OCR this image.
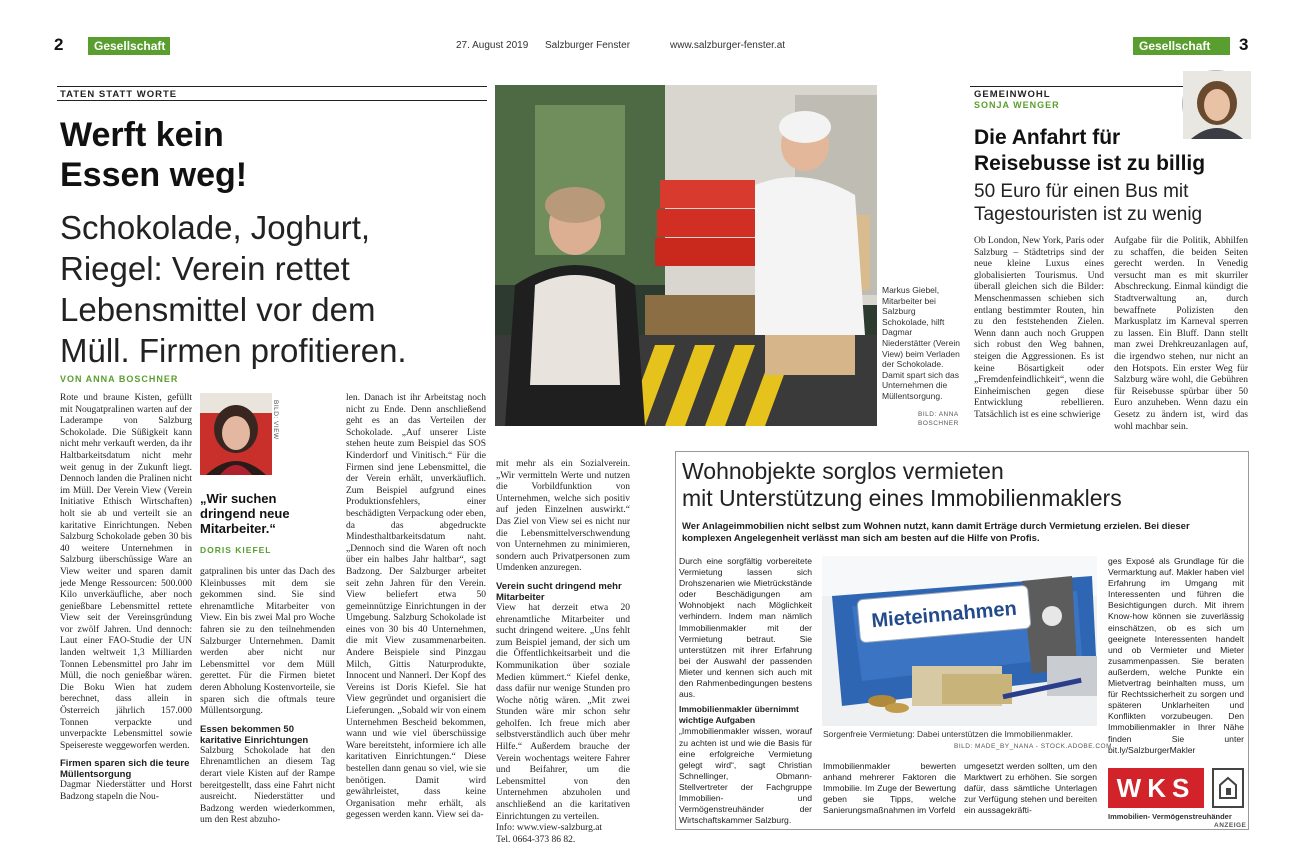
2	Gesellschaft	27. August 2019 Salzburger Fenster	www.salzburger-fenster.at	Gesellschaft	3
TATEN STATT WORTE
Werft kein
Essen weg!
Schokolade, Joghurt,
Riegel: Verein rettet
Lebensmittel vor dem
Müll. Firmen profitieren.
VON ANNA BOSCHNER

Rote und braune Kisten, gefüllt mit Nougatpralinen warten auf der Laderampe von Salzburg Schokolade. Die Süßigkeit kann nicht mehr verkauft werden, da ihr Haltbarkeitsdatum nicht mehr weit genug in der Zukunft liegt. Dennoch landen die Pralinen nicht im Müll. Der Verein View (Verein Initiative Ethisch Wirtschaften) holt sie ab und verteilt sie an karitative Einrichtungen. Neben Salzburg Schokolade geben 30 bis 40 weitere Unternehmen in Salzburg überschüssige Ware an View weiter und sparen damit jede Menge Ressourcen: 500.000 Kilo unverkäufliche, aber noch genießbare Lebensmittel rettete View seit der Vereinsgründung vor zwölf Jahren. Und dennoch: Laut einer FAO-Studie der UN landen weltweit 1,3 Milliarden Tonnen Lebensmittel pro Jahr im Müll, die noch genießbar wären. Die Boku Wien hat zudem berechnet, dass allein in Österreich jährlich 157.000 Tonnen verpackte und unverpackte Lebensmittel sowie Speisereste weggeworfen werden.

Firmen sparen sich die teure Müllentsorgung

Dagmar Niederstätter und Horst Badzong stapeln die Nou-

BILD: VIEW
„Wir suchen
dringend neue
Mitarbeiter.“
DORIS KIEFEL

gatpralinen bis unter das Dach des Kleinbusses mit dem sie gekommen sind. Sie sind ehrenamtliche Mitarbeiter von View. Ein bis zwei Mal pro Woche fahren sie zu den teilnehmenden Salzburger Unternehmen. Damit werden aber nicht nur Lebensmittel vor dem Müll gerettet. Für die Firmen bietet deren Abholung Kostenvorteile, sie sparen sich die oftmals teure Müllentsorgung.

Essen bekommen 50 karitative Einrichtungen

Salzburg Schokolade hat den Ehrenamtlichen an diesem Tag derart viele Kisten auf der Rampe bereitgestellt, dass eine Fahrt nicht ausreicht. Niederstätter und Badzong werden wiederkommen, um den Rest abzuho-

len. Danach ist ihr Arbeitstag noch nicht zu Ende. Denn anschließend geht es an das Verteilen der Schokolade. „Auf unserer Liste stehen heute zum Beispiel das SOS Kinderdorf und Vinitisch.“ Für die Firmen sind jene Lebensmittel, die der Verein erhält, unverkäuflich. Zum Beispiel aufgrund eines Produktionsfehlers, einer beschädigten Verpackung oder eben, da das abgedruckte Mindesthaltbarkeitsdatum naht. „Dennoch sind die Waren oft noch über ein halbes Jahr haltbar“, sagt Badzong. Der Salzburger arbeitet seit zehn Jahren für den Verein. View beliefert etwa 50 gemeinnützige Einrichtungen in der Umgebung. Salzburg Schokolade ist eines von 30 bis 40 Unternehmen, die mit View zusammenarbeiten. Andere Beispiele sind Pinzgau Milch, Gittis Naturprodukte, Innocent und Nannerl. Der Kopf des Vereins ist Doris Kiefel. Sie hat View gegründet und organisiert die Lieferungen. „Sobald wir von einem Unternehmen Bescheid bekommen, wann und wie viel überschüssige Ware bereitsteht, informiere ich alle karitativen Einrichtungen.“ Diese bestellen dann genau so viel, wie sie benötigen. Damit wird gewährleistet, dass keine Organisation mehr erhält, als gegessen werden kann. View sei da-

mit mehr als ein Sozialverein. „Wir vermitteln Werte und nutzen die Vorbildfunktion von Unternehmen, welche sich positiv auf jeden Einzelnen auswirkt.“ Das Ziel von View sei es nicht nur die Lebensmittelverschwendung von Unternehmen zu minimieren, sondern auch Privatpersonen zum Umdenken anzuregen.

Verein sucht dringend mehr Mitarbeiter

View hat derzeit etwa 20 ehrenamtliche Mitarbeiter und sucht dringend weitere. „Uns fehlt zum Beispiel jemand, der sich um die Öffentlichkeitsarbeit und die Kommunikation über soziale Medien kümmert.“ Kiefel denke, dass dafür nur wenige Stunden pro Woche nötig wären. „Mit zwei Stunden wäre mir schon sehr geholfen. Ich freue mich aber selbstverständlich auch über mehr Hilfe.“ Außerdem brauche der Verein wochentags weitere Fahrer und Beifahrer, um die Lebensmittel von den Unternehmen abzuholen und anschließend an die karitativen Einrichtungen zu verteilen.

Info: www.view-salzburg.at

Tel. 0664-373 86 82.

Markus Giebel, Mitarbeiter bei Salzburg Schokolade, hilft Dagmar Niederstätter (Verein View) beim Verladen der Schokolade. Damit spart sich das Unternehmen die Müllentsorgung.
BILD: ANNA
BOSCHNER
GEMEINWOHL
SONJA WENGER
Die Anfahrt für
Reisebusse ist zu billig
50 Euro für einen Bus mit
Tagestouristen ist zu wenig

Ob London, New York, Paris oder Salzburg – Städtetrips sind der neue kleine Luxus eines globalisierten Tourismus. Und überall gleichen sich die Bilder: Menschenmassen schieben sich entlang bestimmter Routen, hin zu den feststehenden Zielen. Wenn dann auch noch Gruppen sich robust den Weg bahnen, steigen die Aggressionen. Es ist keine Bösartigkeit oder „Fremdenfeindlichkeit“, wenn die Einheimischen gegen diese Entwicklung rebellieren. Tatsächlich ist es eine schwierige

Aufgabe für die Politik, Abhilfen zu schaffen, die beiden Seiten gerecht werden. In Venedig versucht man es mit skurriler Abschreckung. Einmal kündigt die Stadtverwaltung an, durch bewaffnete Polizisten den Markusplatz im Karneval sperren zu lassen. Ein Bluff. Dann stellt man zwei Drehkreuzanlagen auf, die irgendwo stehen, nur nicht an den Hotspots. Ein erster Weg für Salzburg wäre wohl, die Gebühren für Reisebusse spürbar über 50 Euro anzuheben. Wenn dazu ein Gesetz zu ändern ist, wird das wohl machbar sein.

Wohnobjekte sorglos vermieten
mit Unterstützung eines Immobilienmaklers
Wer Anlageimmobilien nicht selbst zum Wohnen nutzt, kann damit Erträge durch Vermietung erzielen. Bei dieser komplexen Angelegenheit verlässt man sich am besten auf die Hilfe von Profis.

Durch eine sorgfältig vorbereitete Vermietung lassen sich Drohszenarien wie Mietrückstände oder Beschädigungen am Wohnobjekt nach Möglichkeit verhindern. Indem man nämlich Immobilienmakler mit der Vermietung betraut. Sie unterstützen mit ihrer Erfahrung bei der Auswahl der passenden Mieter und kennen sich auch mit den Rahmenbedingungen bestens aus.

Immobilienmakler übernimmt wichtige Aufgaben

„Immobilienmakler wissen, worauf zu achten ist und wie die Basis für eine erfolgreiche Vermietung gelegt wird“, sagt Christian Schnellinger, Obmann-Stellvertreter der Fachgruppe Immobilien- und Vermögenstreuhänder der Wirtschaftskammer Salzburg.

Mieteinnahmen
Sorgenfreie Vermietung: Dabei unterstützen die Immobilienmakler.
BILD: MADE_BY_NANA - STOCK.ADOBE.COM

Immobilienmakler bewerten anhand mehrerer Faktoren die Immobilie. Im Zuge der Bewertung geben sie Tipps, welche Sanierungsmaßnahmen im Vorfeld

umgesetzt werden sollten, um den Marktwert zu erhöhen. Sie sorgen dafür, dass sämtliche Unterlagen zur Verfügung stehen und bereiten ein aussagekräfti-

ges Exposé als Grundlage für die Vermarktung auf. Makler haben viel Erfahrung im Umgang mit Interessenten und führen die Besichtigungen durch. Mit ihrem Know-how können sie zuverlässig einschätzen, ob es sich um geeignete Interessenten handelt und ob Vermieter und Mieter zusammenpassen. Sie beraten außerdem, welche Punkte ein Mietvertrag beinhalten muss, um für Rechtssicherheit zu sorgen und späteren Unklarheiten und Konflikten vorzubeugen. Den Immobilienmakler in Ihrer Nähe finden Sie unter bit.ly/SalzburgerMakler

WKS
Immobilien- Vermögenstreuhänder
ANZEIGE
